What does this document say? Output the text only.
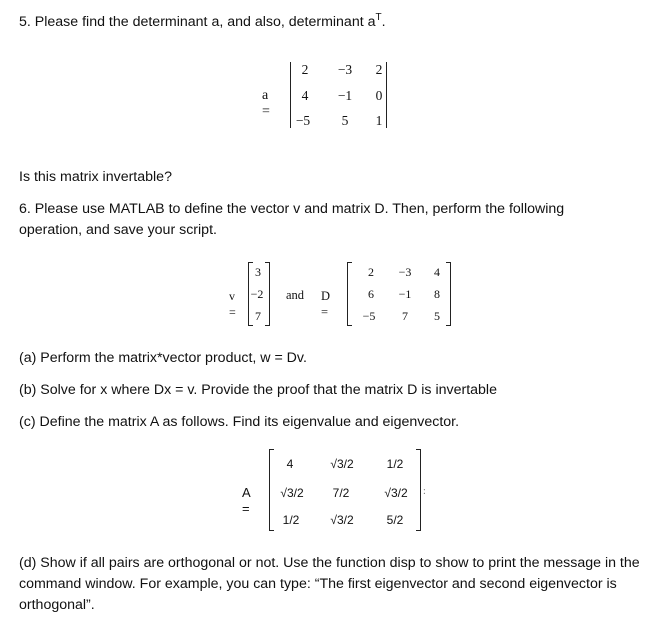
5. Please find the determinant a, and also, determinant $a^T$.
a =
2	−3	2
4	−1	0
−5	5	1
Is this matrix invertable?
6. Please use MATLAB to define the vector v and matrix D. Then, perform the following operation, and save your script.
v =
3
−2
7
and D =
2	−3	4
6	−1	8
−5	7	5
(a) Perform the matrix*vector product, w = Dv.
(b) Solve for x where Dx = v. Provide the proof that the matrix D is invertable
(c) Define the matrix A as follows. Find its eigenvalue and eigenvector.
A =
4	√3/2	1/2
√3/2	7/2	√3/2
1/2	√3/2	5/2
:
(d) Show if all pairs are orthogonal or not. Use the function disp to show to print the message in the command window. For example, you can type: “The first eigenvector and second eigenvector is orthogonal”.
